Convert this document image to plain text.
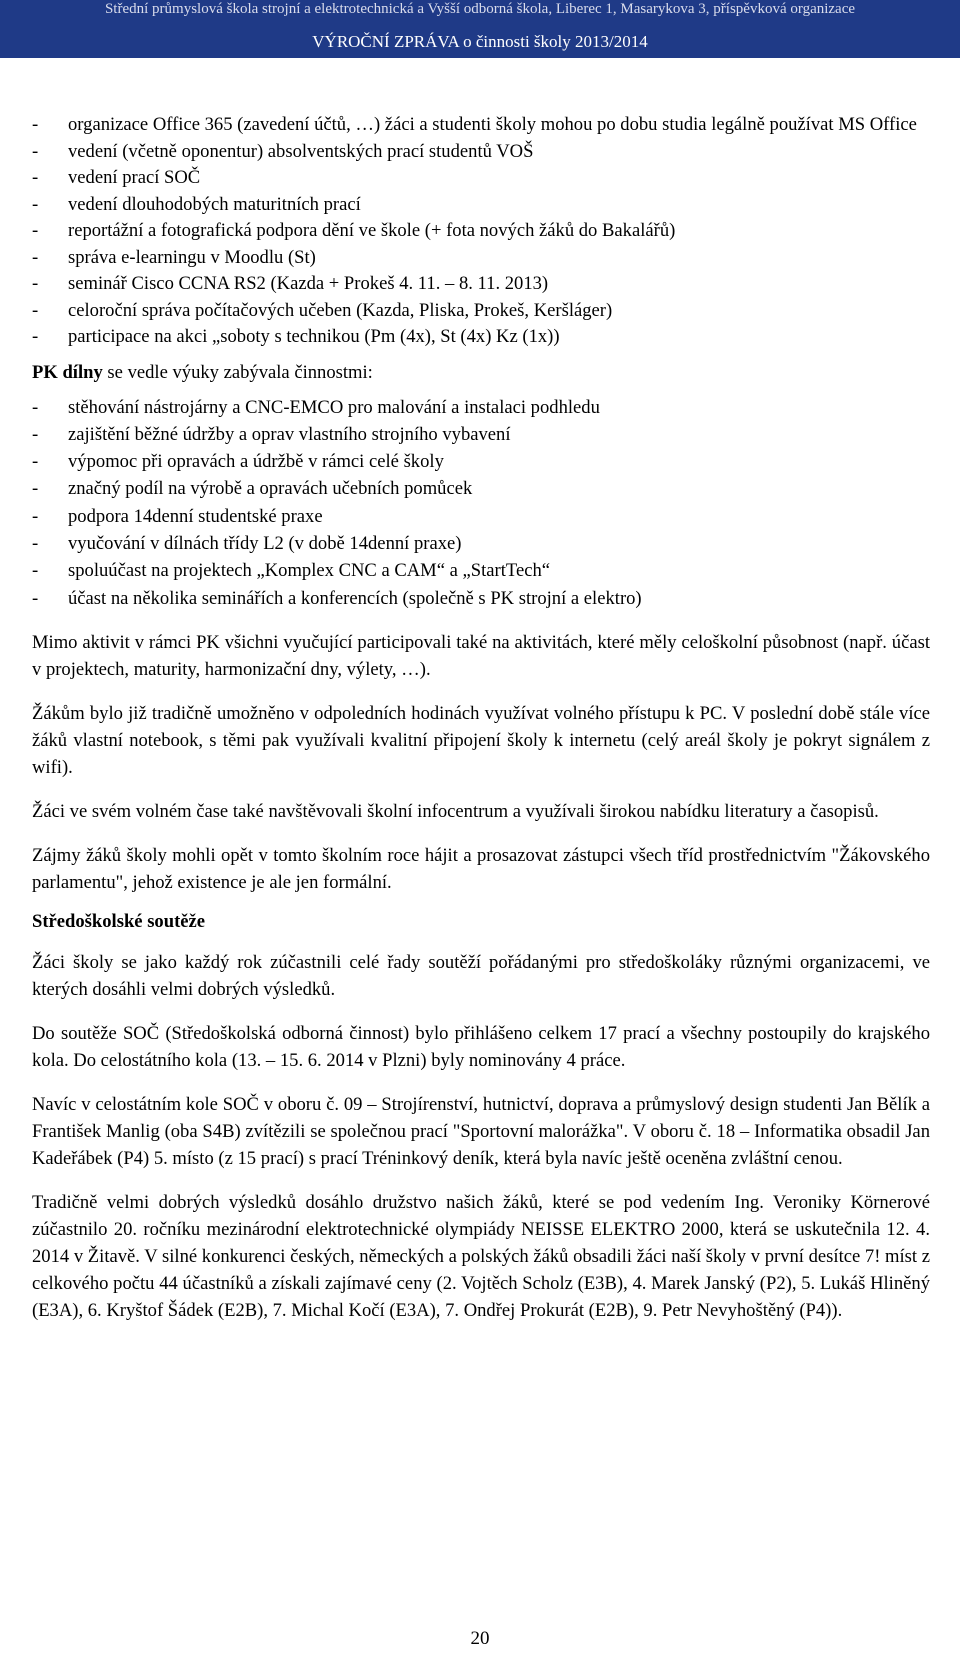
Střední průmyslová škola strojní a elektrotechnická a Vyšší odborná škola, Liberec 1, Masarykova 3, příspěvková organizace
VÝROČNÍ ZPRÁVA o činnosti školy 2013/2014
- organizace Office 365 (zavedení účtů, …) žáci a studenti školy mohou po dobu studia legálně používat MS Office
- vedení (včetně oponentur) absolventských prací studentů VOŠ
- vedení prací SOČ
- vedení dlouhodobých maturitních prací
- reportážní a fotografická podpora dění ve škole (+ fota nových žáků do Bakalářů)
- správa e-learningu v Moodlu (St)
- seminář Cisco CCNA RS2 (Kazda + Prokeš 4. 11. – 8. 11. 2013)
- celoroční správa počítačových učeben (Kazda, Pliska, Prokeš, Keršláger)
- participace na akci „soboty s technikou (Pm (4x), St (4x) Kz (1x))
PK dílny se vedle výuky zabývala činnostmi:
- stěhování nástrojárny a CNC-EMCO pro malování a instalaci podhledu
- zajištění běžné údržby a oprav vlastního strojního vybavení
- výpomoc při opravách a údržbě v rámci celé školy
- značný podíl na výrobě a opravách učebních pomůcek
- podpora 14denní studentské praxe
- vyučování v dílnách třídy L2 (v době 14denní praxe)
- spoluúčast na projektech „Komplex CNC a CAM“ a „StartTech“
- účast na několika seminářích a konferencích (společně s PK strojní a elektro)

Mimo aktivit v rámci PK všichni vyučující participovali také na aktivitách, které měly celoškolní působnost (např. účast v projektech, maturity, harmonizační dny, výlety, …).

Žákům bylo již tradičně umožněno v odpoledních hodinách využívat volného přístupu k PC. V poslední době stále více žáků vlastní notebook, s těmi pak využívali kvalitní připojení školy k internetu (celý areál školy je pokryt signálem z wifi).

Žáci ve svém volném čase také navštěvovali školní infocentrum a využívali širokou nabídku literatury a časopisů.

Zájmy žáků školy mohli opět v tomto školním roce hájit a prosazovat zástupci všech tříd prostřednictvím "Žákovského parlamentu", jehož existence je ale jen formální.

Středoškolské soutěže

Žáci školy se jako každý rok zúčastnili celé řady soutěží pořádanými pro středoškoláky různými organizacemi, ve kterých dosáhli velmi dobrých výsledků.

Do soutěže SOČ (Středoškolská odborná činnost) bylo přihlášeno celkem 17 prací a všechny postoupily do krajského kola. Do celostátního kola (13. – 15. 6. 2014 v Plzni) byly nominovány 4 práce.

Navíc v celostátním kole SOČ v oboru č. 09 – Strojírenství, hutnictví, doprava a průmyslový design studenti Jan Bělík a František Manlig (oba S4B) zvítězili se společnou prací "Sportovní malorážka". V oboru č. 18 – Informatika obsadil Jan Kadeřábek (P4) 5. místo (z 15 prací) s prací Tréninkový deník, která byla navíc ještě oceněna zvláštní cenou.

Tradičně velmi dobrých výsledků dosáhlo družstvo našich žáků, které se pod vedením Ing. Veroniky Körnerové zúčastnilo 20. ročníku mezinárodní elektrotechnické olympiády NEISSE ELEKTRO 2000, která se uskutečnila 12. 4. 2014 v Žitavě. V silné konkurenci českých, německých a polských žáků obsadili žáci naší školy v první desítce 7! míst z celkového počtu 44 účastníků a získali zajímavé ceny (2. Vojtěch Scholz (E3B), 4. Marek Janský (P2), 5. Lukáš Hliněný (E3A), 6. Kryštof Šádek (E2B), 7. Michal Kočí (E3A), 7. Ondřej Prokurát (E2B), 9. Petr Nevyhoštěný (P4)).

20
